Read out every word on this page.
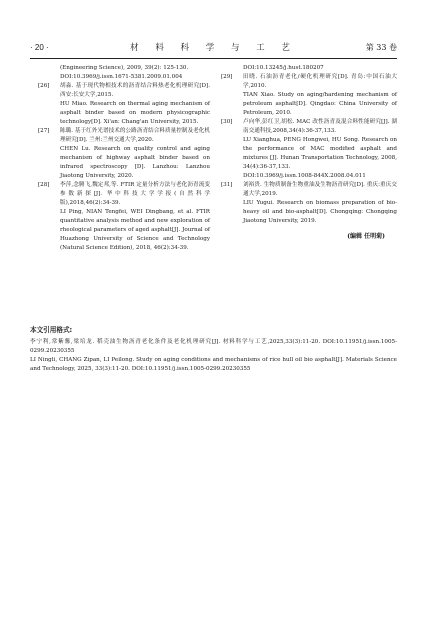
· 20 ·	材 料 科 学 与 工 艺	第 33 卷

(Engineering Science), 2009, 39(2): 125-130.
DOI:10.3969/j.issn.1671-5381.2009.01.004

[26]	胡淼. 基于现代物相技术的沥青结合料热老化机理研究[D]. 西安:长安大学,2015.
HU Miao. Research on thermal aging mechanism of asphalt binder based on modern physicographic technology[D]. Xi'an: Chang'an University, 2015.

[27]	陈璐. 基于红外光谱技术的公路沥青结合料质量控制及老化机理研究[D]. 兰州:兰州交通大学,2020.
CHEN Lu. Research on quality control and aging mechanism of highway asphalt binder based on infrared spectroscopy [D]. Lanzhou: Lanzhou Jiaotong University, 2020.

[28]	李萍,念腾飞,魏定邦,等. FTIR 定量分析方法与老化沥青流变参数新探[J]. 华中科技大学学报(自然科学版),2018,46(2):34-39.
LI Ping, NIAN Tengfei, WEI Dingbang, et al. FTIR quantitative analysis method and new exploration of rheological parameters of aged asphalt[J]. Journal of Huazhong University of Science and Technology (Natural Science Edition), 2018, 46(2):34-39.

DOI:10.13245/j.hust.180207

[29]	田晓. 石油沥青老化/硬化机理研究[D]. 青岛:中国石油大学,2010.
TIAN Xiao. Study on aging/hardening mechanism of petroleum asphalt[D]. Qingdao: China University of Petroleum, 2010.

[30]	卢向华,彭红卫,胡松. MAC 改性沥青及混合料性能研究[J]. 湖南交通科技,2008,34(4):36-37,133.
LU Xianghua, PENG Hongwei, HU Song. Research on the performance of MAC modified asphalt and mixtures [J]. Hunan Transportation Technology, 2008, 34(4):36-37,133.
DOI:10.3969/j.issn.1008-844X.2008.04.011

[31]	刘裕贵. 生物质制备生物重油及生物沥青研究[D]. 重庆:重庆交通大学,2019.
LIU Yugui. Research on biomass preparation of bio-heavy oil and bio-asphalt[D]. Chongqing: Chongqing Jiaotong University, 2019.

(编辑 任明菊)
本文引用格式:

李宁利,常紫馨,梁培龙. 稻壳油生物沥青老化条件及老化机理研究[J]. 材料科学与工艺,2025,33(3):11-20. DOI:10.11951/j.issn.1005-0299.20230355

LI Ningli, CHANG Zipan, LI Peilong. Study on aging conditions and mechanisms of rice hull oil bio asphalt[J]. Materials Science and Technology, 2025, 33(3):11-20. DOI:10.11951/j.issn.1005-0299.20230355
